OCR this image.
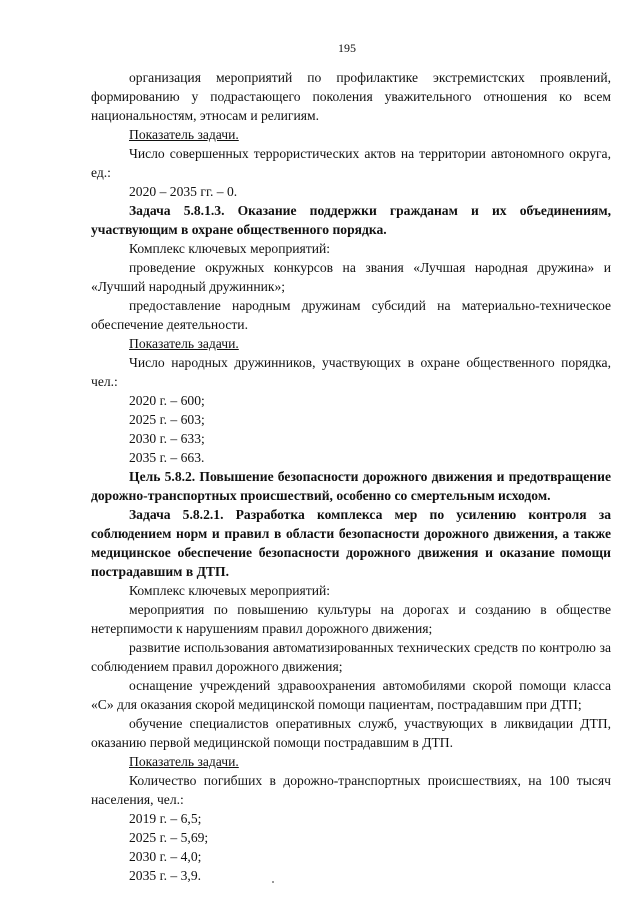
195

организация мероприятий по профилактике экстремистских проявлений, формированию у подрастающего поколения уважительного отношения ко всем национальностям, этносам и религиям.

Показатель задачи.

Число совершенных террористических актов на территории автономного округа, ед.:

2020 – 2035 гг. – 0.

Задача 5.8.1.3. Оказание поддержки гражданам и их объединениям, участвующим в охране общественного порядка.

Комплекс ключевых мероприятий:

проведение окружных конкурсов на звания «Лучшая народная дружина» и «Лучший народный дружинник»;

предоставление народным дружинам субсидий на материально-техническое обеспечение деятельности.

Показатель задачи.

Число народных дружинников, участвующих в охране общественного порядка, чел.:

2020 г. – 600;

2025 г. – 603;

2030 г. – 633;

2035 г. – 663.

Цель 5.8.2. Повышение безопасности дорожного движения и предотвращение дорожно-транспортных происшествий, особенно со смертельным исходом.

Задача 5.8.2.1. Разработка комплекса мер по усилению контроля за соблюдением норм и правил в области безопасности дорожного движения, а также медицинское обеспечение безопасности дорожного движения и оказание помощи пострадавшим в ДТП.

Комплекс ключевых мероприятий:

мероприятия по повышению культуры на дорогах и созданию в обществе нетерпимости к нарушениям правил дорожного движения;

развитие использования автоматизированных технических средств по контролю за соблюдением правил дорожного движения;

оснащение учреждений здравоохранения автомобилями скорой помощи класса «С» для оказания скорой медицинской помощи пациентам, пострадавшим при ДТП;

обучение специалистов оперативных служб, участвующих в ликвидации ДТП, оказанию первой медицинской помощи пострадавшим в ДТП.

Показатель задачи.

Количество погибших в дорожно-транспортных происшествиях, на 100 тысяч населения, чел.:

2019 г. – 6,5;

2025 г. – 5,69;

2030 г. – 4,0;

2035 г. – 3,9.
